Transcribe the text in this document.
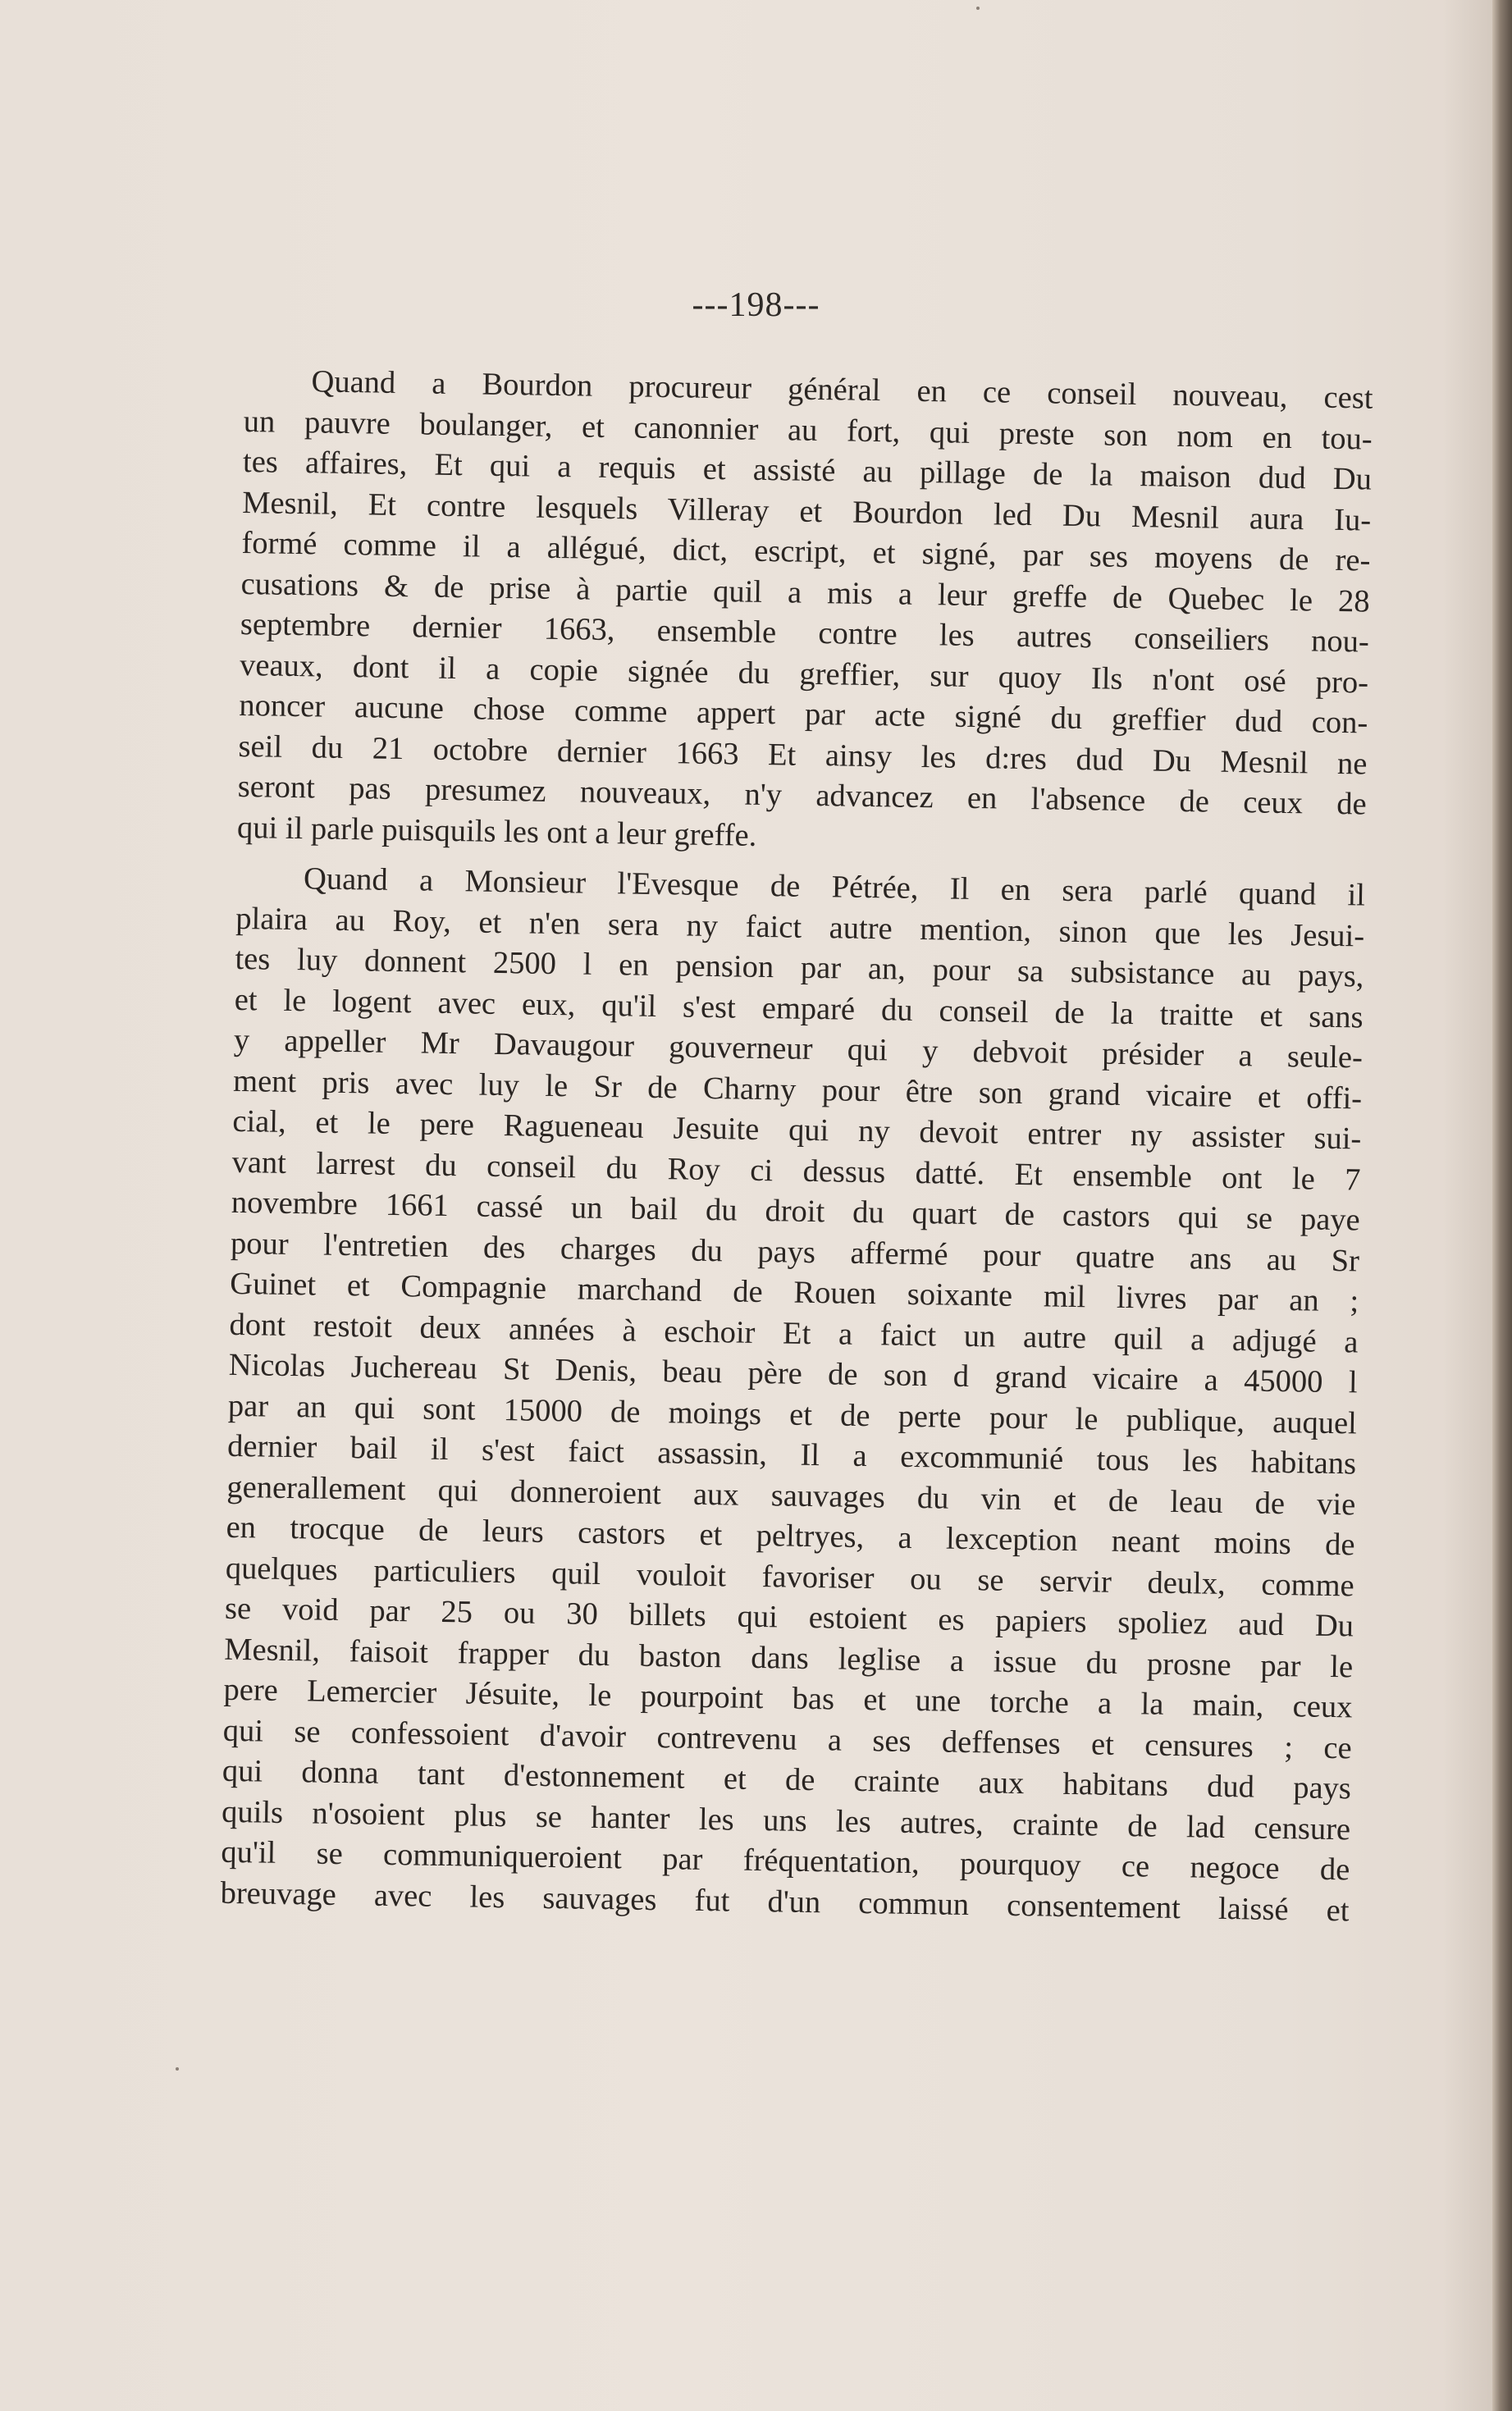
---198---
Quand a Bourdon procureur général en ce conseil nouveau, cest
un pauvre boulanger, et canonnier au fort, qui preste son nom en tou-
tes affaires, Et qui a requis et assisté au pillage de la maison dud Du
Mesnil, Et contre lesquels Villeray et Bourdon led Du Mesnil aura Iu-
formé comme il a allégué, dict, escript, et signé, par ses moyens de re-
cusations & de prise à partie quil a mis a leur greffe de Quebec le 28
septembre dernier 1663, ensemble contre les autres conseiliers nou-
veaux, dont il a copie signée du greffier, sur quoy Ils n'ont osé pro-
noncer aucune chose comme appert par acte signé du greffier dud con-
seil du 21 octobre dernier 1663 Et ainsy les d:res dud Du Mesnil ne
seront pas presumez nouveaux, n'y advancez en l'absence de ceux de
qui il parle puisquils les ont a leur greffe.
Quand a Monsieur l'Evesque de Pétrée, Il en sera parlé quand il
plaira au Roy, et n'en sera ny faict autre mention, sinon que les Jesui-
tes luy donnent 2500 l en pension par an, pour sa subsistance au pays,
et le logent avec eux, qu'il s'est emparé du conseil de la traitte et sans
y appeller Mr Davaugour gouverneur qui y debvoit présider a seule-
ment pris avec luy le Sr de Charny pour être son grand vicaire et offi-
cial, et le pere Ragueneau Jesuite qui ny devoit entrer ny assister sui-
vant larrest du conseil du Roy ci dessus datté. Et ensemble ont le 7
novembre 1661 cassé un bail du droit du quart de castors qui se paye
pour l'entretien des charges du pays affermé pour quatre ans au Sr
Guinet et Compagnie marchand de Rouen soixante mil livres par an ;
dont restoit deux années à eschoir Et a faict un autre quil a adjugé a
Nicolas Juchereau St Denis, beau père de son d grand vicaire a 45000 l
par an qui sont 15000 de moings et de perte pour le publique, auquel
dernier bail il s'est faict assassin, Il a excommunié tous les habitans
generallement qui donneroient aux sauvages du vin et de leau de vie
en trocque de leurs castors et peltryes, a lexception neant moins de
quelques particuliers quil vouloit favoriser ou se servir deulx, comme
se void par 25 ou 30 billets qui estoient es papiers spoliez aud Du
Mesnil, faisoit frapper du baston dans leglise a issue du prosne par le
pere Lemercier Jésuite, le pourpoint bas et une torche a la main, ceux
qui se confessoient d'avoir contrevenu a ses deffenses et censures ; ce
qui donna tant d'estonnement et de crainte aux habitans dud pays
quils n'osoient plus se hanter les uns les autres, crainte de lad censure
qu'il se communiqueroient par fréquentation, pourquoy ce negoce de
breuvage avec les sauvages fut d'un commun consentement laissé et
